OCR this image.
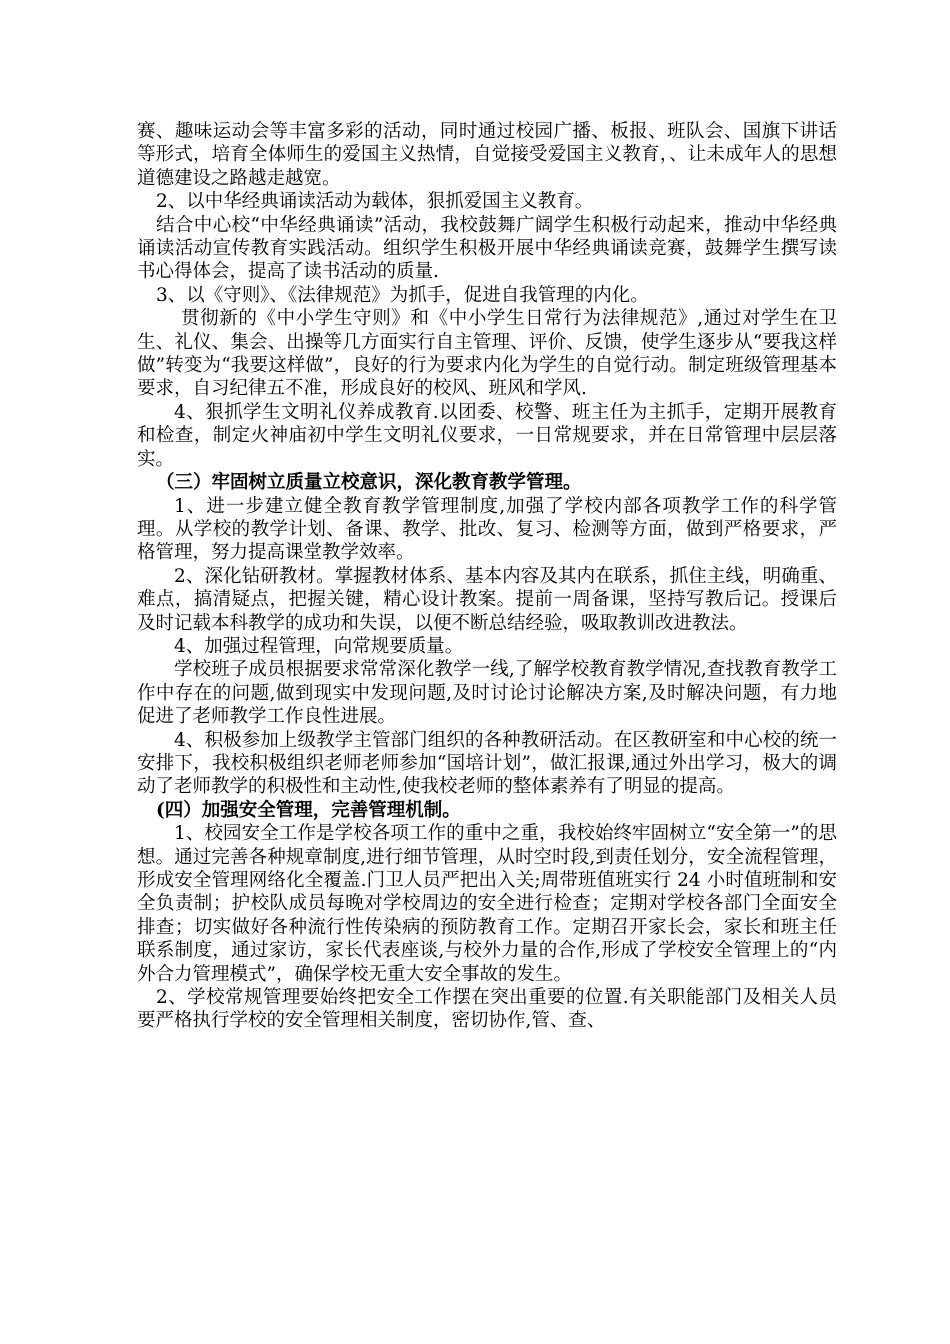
赛、趣味运动会等丰富多彩的活动，同时通过校园广播、板报、班队会、国旗下讲话等形式，培育全体师生的爱国主义热情，自觉接受爱国主义教育，、让未成年人的思想道德建设之路越走越宽。

2、以中华经典诵读活动为载体，狠抓爱国主义教育。

结合中心校“中华经典诵读”活动，我校鼓舞广阔学生积极行动起来，推动中华经典诵读活动宣传教育实践活动。组织学生积极开展中华经典诵读竞赛，鼓舞学生撰写读书心得体会，提高了读书活动的质量.

3、以《守则》、《法律规范》为抓手，促进自我管理的内化。

贯彻新的《中小学生守则》和《中小学生日常行为法律规范》,通过对学生在卫生、礼仪、集会、出操等几方面实行自主管理、评价、反馈，使学生逐步从“要我这样做”转变为“我要这样做”，良好的行为要求内化为学生的自觉行动。制定班级管理基本要求，自习纪律五不准，形成良好的校风、班风和学风.

4、狠抓学生文明礼仪养成教育.以团委、校警、班主任为主抓手，定期开展教育和检查，制定火神庙初中学生文明礼仪要求，一日常规要求，并在日常管理中层层落实。

（三）牢固树立质量立校意识，深化教育教学管理。

1、进一步建立健全教育教学管理制度,加强了学校内部各项教学工作的科学管理。从学校的教学计划、备课、教学、批改、复习、检测等方面，做到严格要求，严格管理，努力提高课堂教学效率。

2、深化钻研教材。掌握教材体系、基本内容及其内在联系，抓住主线，明确重、难点，搞清疑点，把握关键，精心设计教案。提前一周备课，坚持写教后记。授课后及时记载本科教学的成功和失误，以便不断总结经验，吸取教训改进教法。

4、加强过程管理，向常规要质量。

学校班子成员根据要求常常深化教学一线,了解学校教育教学情况,查找教育教学工作中存在的问题,做到现实中发现问题,及时讨论讨论解决方案,及时解决问题，有力地促进了老师教学工作良性进展。

4、积极参加上级教学主管部门组织的各种教研活动。在区教研室和中心校的统一安排下，我校积极组织老师老师参加“国培计划”，做汇报课,通过外出学习，极大的调动了老师教学的积极性和主动性,使我校老师的整体素养有了明显的提高。

(四）加强安全管理，完善管理机制。

1、校园安全工作是学校各项工作的重中之重，我校始终牢固树立“安全第一”的思想。通过完善各种规章制度,进行细节管理，从时空时段,到责任划分，安全流程管理，形成安全管理网络化全覆盖.门卫人员严把出入关;周带班值班实行 24 小时值班制和安全负责制；护校队成员每晚对学校周边的安全进行检查；定期对学校各部门全面安全排查；切实做好各种流行性传染病的预防教育工作。定期召开家长会，家长和班主任联系制度，通过家访，家长代表座谈,与校外力量的合作,形成了学校安全管理上的“内外合力管理模式”，确保学校无重大安全事故的发生。

2、学校常规管理要始终把安全工作摆在突出重要的位置.有关职能部门及相关人员要严格执行学校的安全管理相关制度，密切协作,管、查、
